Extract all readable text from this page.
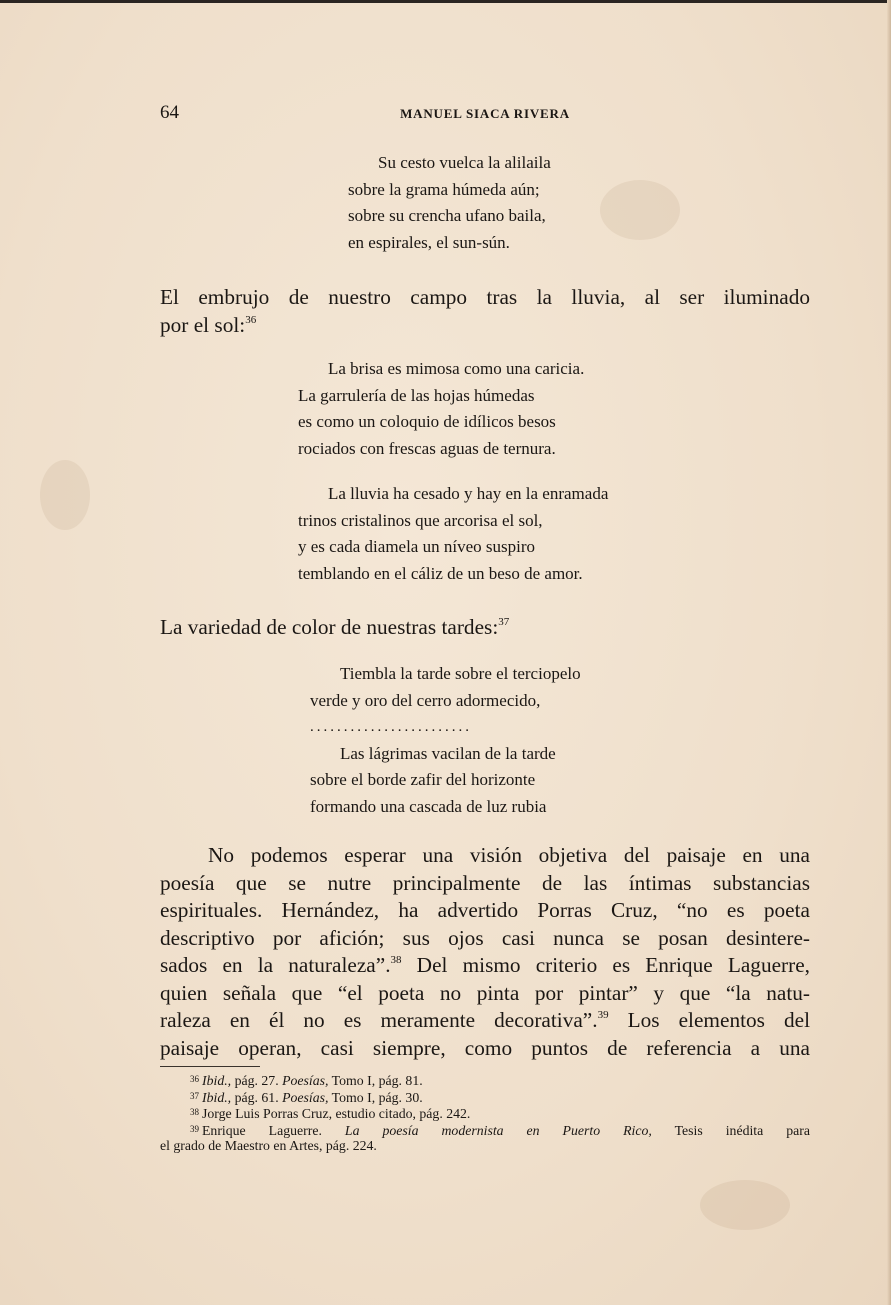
64	MANUEL SIACA RIVERA
Su cesto vuelca la alilaila
sobre la grama húmeda aún;
sobre su crencha ufano baila,
en espirales, el sun-sún.
El embrujo de nuestro campo tras la lluvia, al ser iluminado
por el sol:$^{36}$
La brisa es mimosa como una caricia.
La garrulería de las hojas húmedas
es como un coloquio de idílicos besos
rociados con frescas aguas de ternura.
La lluvia ha cesado y hay en la enramada
trinos cristalinos que arcorisa el sol,
y es cada diamela un níveo suspiro
temblando en el cáliz de un beso de amor.
La variedad de color de nuestras tardes:$^{37}$
Tiembla la tarde sobre el terciopelo
verde y oro del cerro adormecido,
........................
Las lágrimas vacilan de la tarde
sobre el borde zafir del horizonte
formando una cascada de luz rubia
No podemos esperar una visión objetiva del paisaje en una
poesía que se nutre principalmente de las íntimas substancias
espirituales. Hernández, ha advertido Porras Cruz, “no es poeta
descriptivo por afición; sus ojos casi nunca se posan desintere-
sados en la naturaleza”.$^{38}$ Del mismo criterio es Enrique Laguerre,
quien señala que “el poeta no pinta por pintar” y que “la natu-
raleza en él no es meramente decorativa”.$^{39}$ Los elementos del
paisaje operan, casi siempre, como puntos de referencia a una
$^{36}$ Ibid., pág. 27. Poesías, Tomo I, pág. 81.
$^{37}$ Ibid., pág. 61. Poesías, Tomo I, pág. 30.
$^{38}$ Jorge Luis Porras Cruz, estudio citado, pág. 242.
$^{39}$ Enrique Laguerre. La poesía modernista en Puerto Rico, Tesis inédita para
el grado de Maestro en Artes, pág. 224.
